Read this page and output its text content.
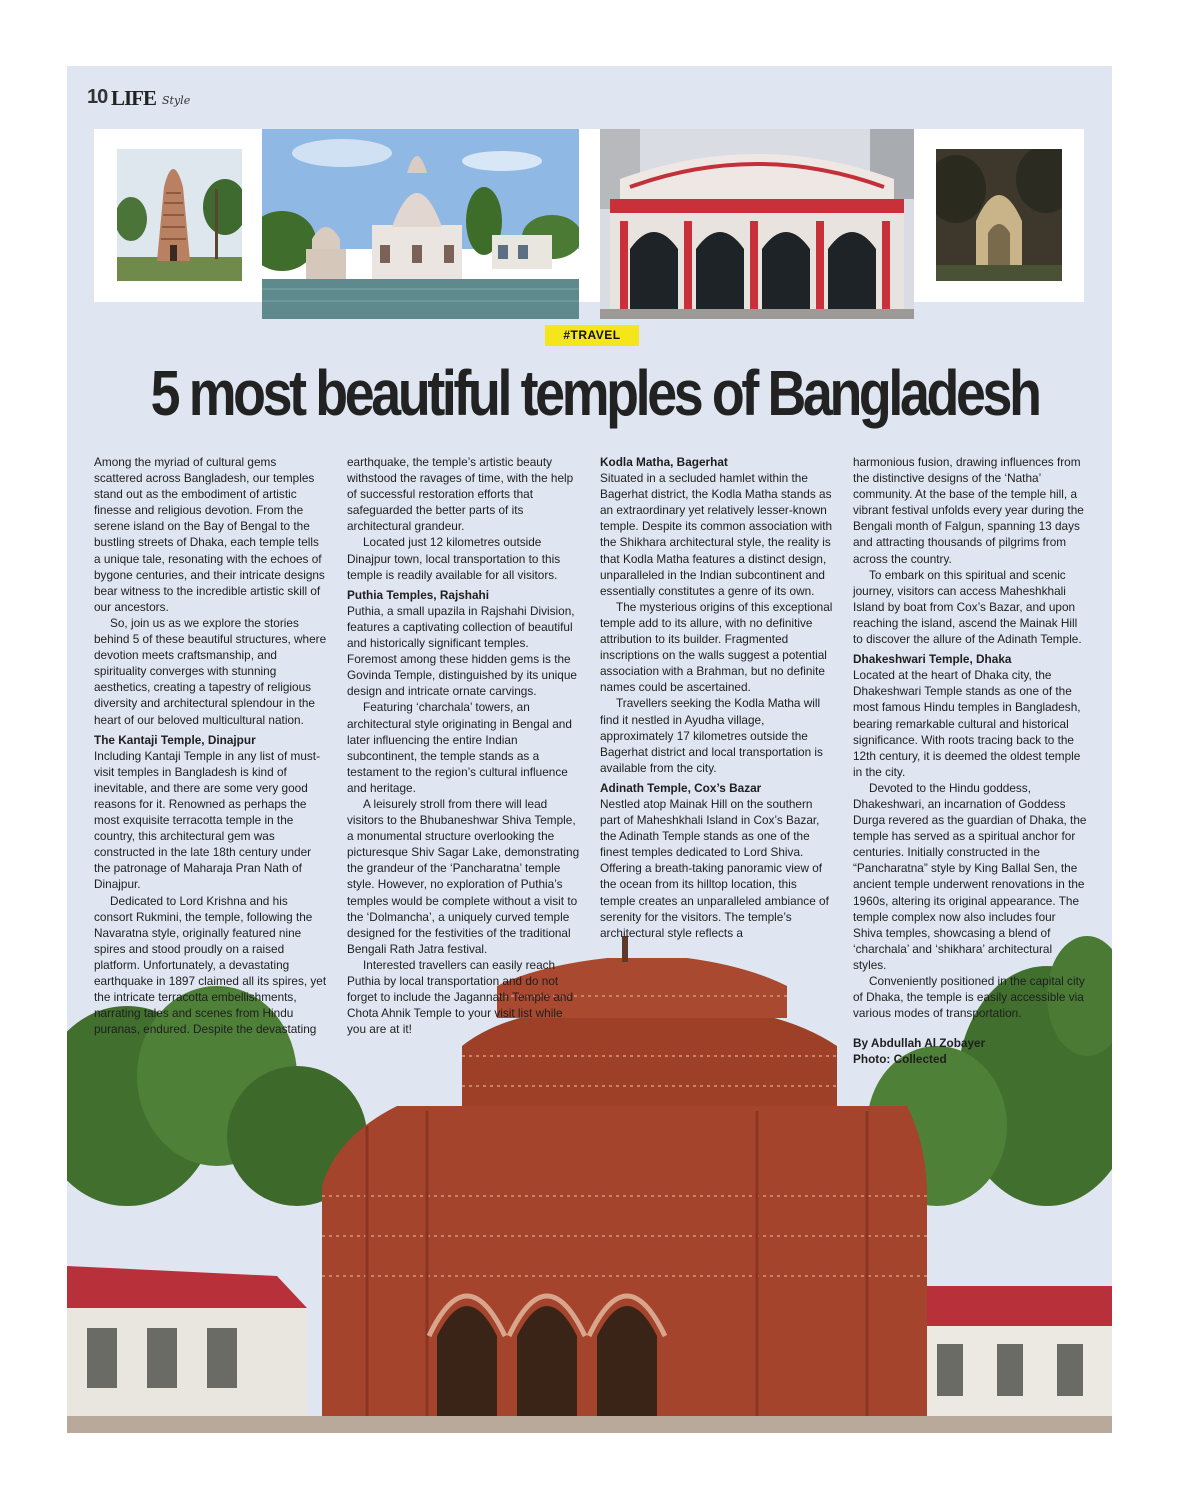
10 LIFE Style
#TRAVEL
5 most beautiful temples of Bangladesh

Among the myriad of cultural gems scattered across Bangladesh, our temples stand out as the embodiment of artistic finesse and religious devotion. From the serene island on the Bay of Bengal to the bustling streets of Dhaka, each temple tells a unique tale, resonating with the echoes of bygone centuries, and their intricate designs bear witness to the incredible artistic skill of our ancestors.

So, join us as we explore the stories behind 5 of these beautiful structures, where devotion meets craftsmanship, and spirituality converges with stunning aesthetics, creating a tapestry of religious diversity and architectural splendour in the heart of our beloved multicultural nation.

The Kantaji Temple, Dinajpur

Including Kantaji Temple in any list of must-visit temples in Bangladesh is kind of inevitable, and there are some very good reasons for it. Renowned as perhaps the most exquisite terracotta temple in the country, this architectural gem was constructed in the late 18th century under the patronage of Maharaja Pran Nath of Dinajpur.

Dedicated to Lord Krishna and his consort Rukmini, the temple, following the Navaratna style, originally featured nine spires and stood proudly on a raised platform. Unfortunately, a devastating earthquake in 1897 claimed all its spires, yet the intricate terracotta embellishments, narrating tales and scenes from Hindu puranas, endured. Despite the devastating

earthquake, the temple’s artistic beauty withstood the ravages of time, with the help of successful restoration efforts that safeguarded the better parts of its architectural grandeur.

Located just 12 kilometres outside Dinajpur town, local transportation to this temple is readily available for all visitors.

Puthia Temples, Rajshahi

Puthia, a small upazila in Rajshahi Division, features a captivating collection of beautiful and historically significant temples. Foremost among these hidden gems is the Govinda Temple, distinguished by its unique design and intricate ornate carvings.

Featuring ‘charchala’ towers, an architectural style originating in Bengal and later influencing the entire Indian subcontinent, the temple stands as a testament to the region’s cultural influence and heritage.

A leisurely stroll from there will lead visitors to the Bhubaneshwar Shiva Temple, a monumental structure overlooking the picturesque Shiv Sagar Lake, demonstrating the grandeur of the ‘Pancharatna’ temple style. However, no exploration of Puthia’s temples would be complete without a visit to the ‘Dolmancha’, a uniquely curved temple designed for the festivities of the traditional Bengali Rath Jatra festival.

Interested travellers can easily reach Puthia by local transportation and do not forget to include the Jagannath Temple and Chota Ahnik Temple to your visit list while you are at it!

Kodla Matha, Bagerhat

Situated in a secluded hamlet within the Bagerhat district, the Kodla Matha stands as an extraordinary yet relatively lesser-known temple. Despite its common association with the Shikhara architectural style, the reality is that Kodla Matha features a distinct design, unparalleled in the Indian subcontinent and essentially constitutes a genre of its own.

The mysterious origins of this exceptional temple add to its allure, with no definitive attribution to its builder. Fragmented inscriptions on the walls suggest a potential association with a Brahman, but no definite names could be ascertained.

Travellers seeking the Kodla Matha will find it nestled in Ayudha village, approximately 17 kilometres outside the Bagerhat district and local transportation is available from the city.

Adinath Temple, Cox’s Bazar

Nestled atop Mainak Hill on the southern part of Maheshkhali Island in Cox’s Bazar, the Adinath Temple stands as one of the finest temples dedicated to Lord Shiva. Offering a breath-taking panoramic view of the ocean from its hilltop location, this temple creates an unparalleled ambiance of serenity for the visitors. The temple’s architectural style reflects a

harmonious fusion, drawing influences from the distinctive designs of the ‘Natha’ community. At the base of the temple hill, a vibrant festival unfolds every year during the Bengali month of Falgun, spanning 13 days and attracting thousands of pilgrims from across the country.

To embark on this spiritual and scenic journey, visitors can access Maheshkhali Island by boat from Cox’s Bazar, and upon reaching the island, ascend the Mainak Hill to discover the allure of the Adinath Temple.

Dhakeshwari Temple, Dhaka

Located at the heart of Dhaka city, the Dhakeshwari Temple stands as one of the most famous Hindu temples in Bangladesh, bearing remarkable cultural and historical significance. With roots tracing back to the 12th century, it is deemed the oldest temple in the city.

Devoted to the Hindu goddess, Dhakeshwari, an incarnation of Goddess Durga revered as the guardian of Dhaka, the temple has served as a spiritual anchor for centuries. Initially constructed in the “Pancharatna” style by King Ballal Sen, the ancient temple underwent renovations in the 1960s, altering its original appearance. The temple complex now also includes four Shiva temples, showcasing a blend of ‘charchala’ and ‘shikhara’ architectural styles.

Conveniently positioned in the capital city of Dhaka, the temple is easily accessible via various modes of transportation.

By Abdullah Al Zobayer

Photo: Collected
